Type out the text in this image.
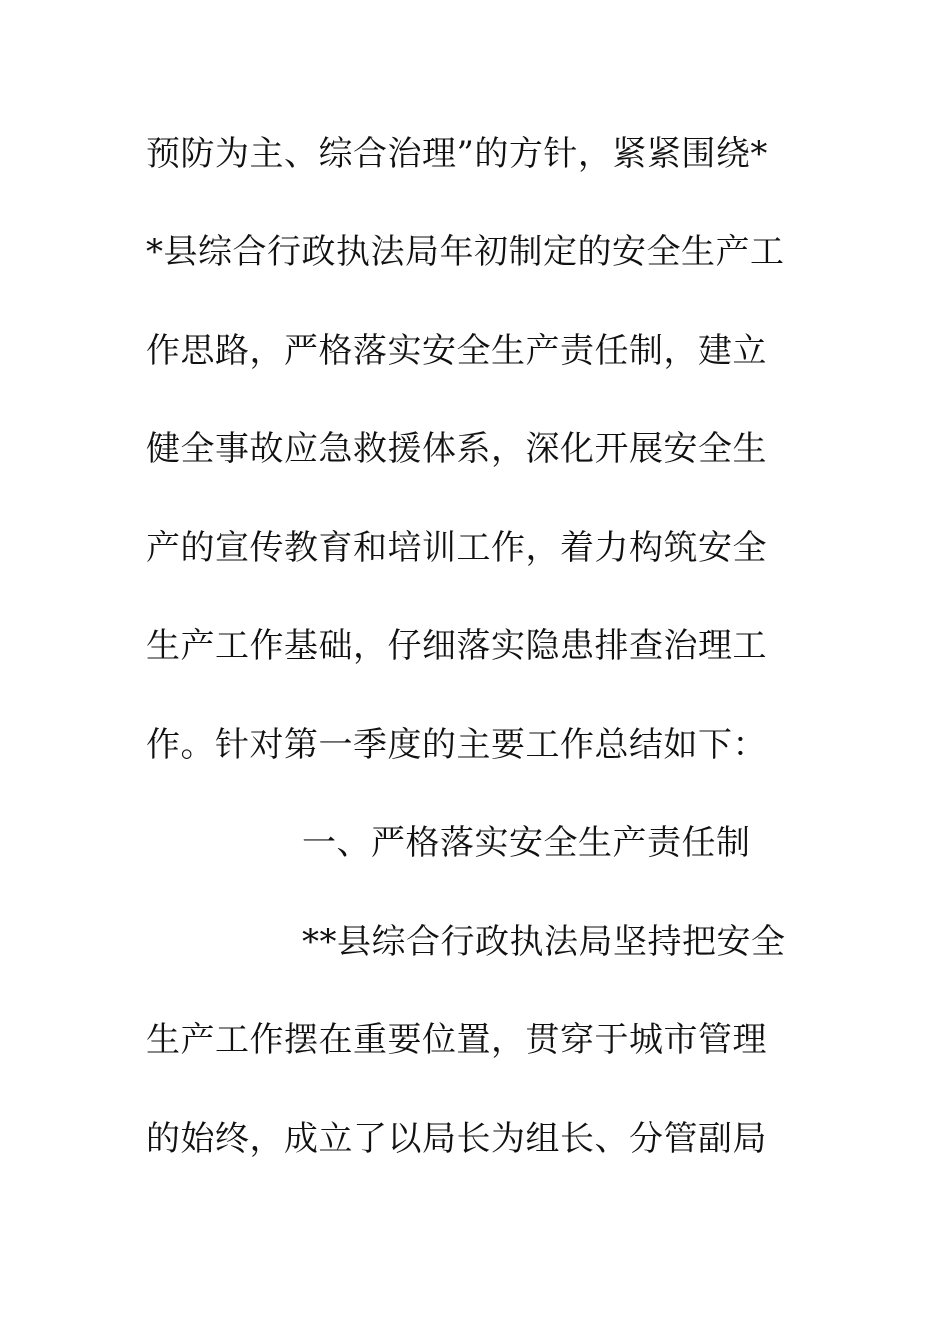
预防为主、综合治理”的方针，紧紧围绕*
*县综合行政执法局年初制定的安全生产工
作思路，严格落实安全生产责任制，建立
健全事故应急救援体系，深化开展安全生
产的宣传教育和培训工作，着力构筑安全
生产工作基础，仔细落实隐患排查治理工
作。针对第一季度的主要工作总结如下：
一、严格落实安全生产责任制
**县综合行政执法局坚持把安全
生产工作摆在重要位置，贯穿于城市管理
的始终，成立了以局长为组长、分管副局
